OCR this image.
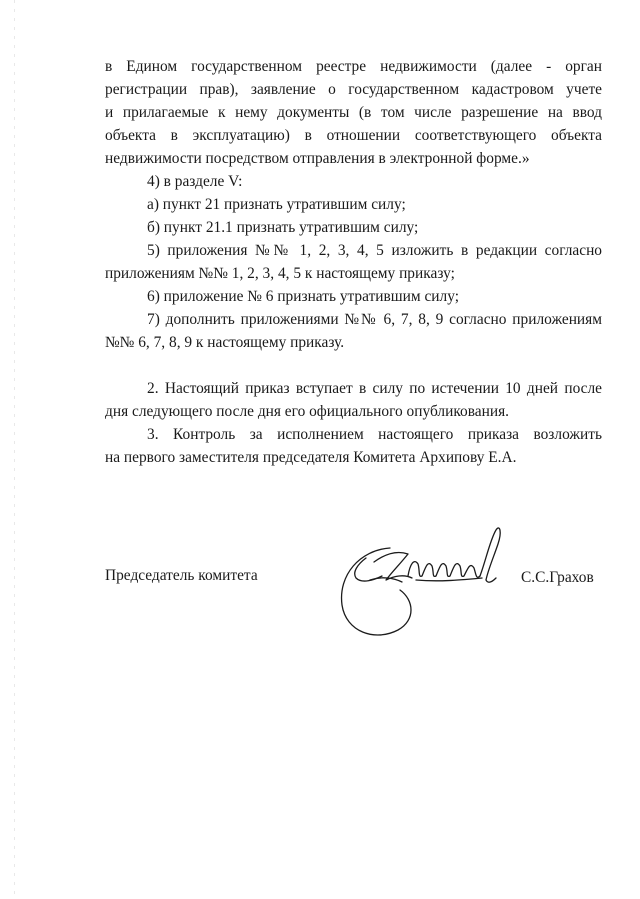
в Едином государственном реестре недвижимости (далее - орган
регистрации прав), заявление о государственном кадастровом учете
и прилагаемые к нему документы (в том числе разрешение на ввод
объекта в эксплуатацию) в отношении соответствующего объекта
недвижимости посредством отправления в электронной форме.»
4) в разделе V:
а) пункт 21 признать утратившим силу;
б) пункт 21.1 признать утратившим силу;
5) приложения №№ 1, 2, 3, 4, 5 изложить в редакции согласно
приложениям №№ 1, 2, 3, 4, 5 к настоящему приказу;
6) приложение № 6 признать утратившим силу;
7) дополнить приложениями №№ 6, 7, 8, 9 согласно приложениям
№№ 6, 7, 8, 9 к настоящему приказу.
2. Настоящий приказ вступает в силу по истечении 10 дней после
дня следующего после дня его официального опубликования.
3. Контроль за исполнением настоящего приказа возложить
на первого заместителя председателя Комитета Архипову Е.А.
Председатель комитета	С.С.Грахов
